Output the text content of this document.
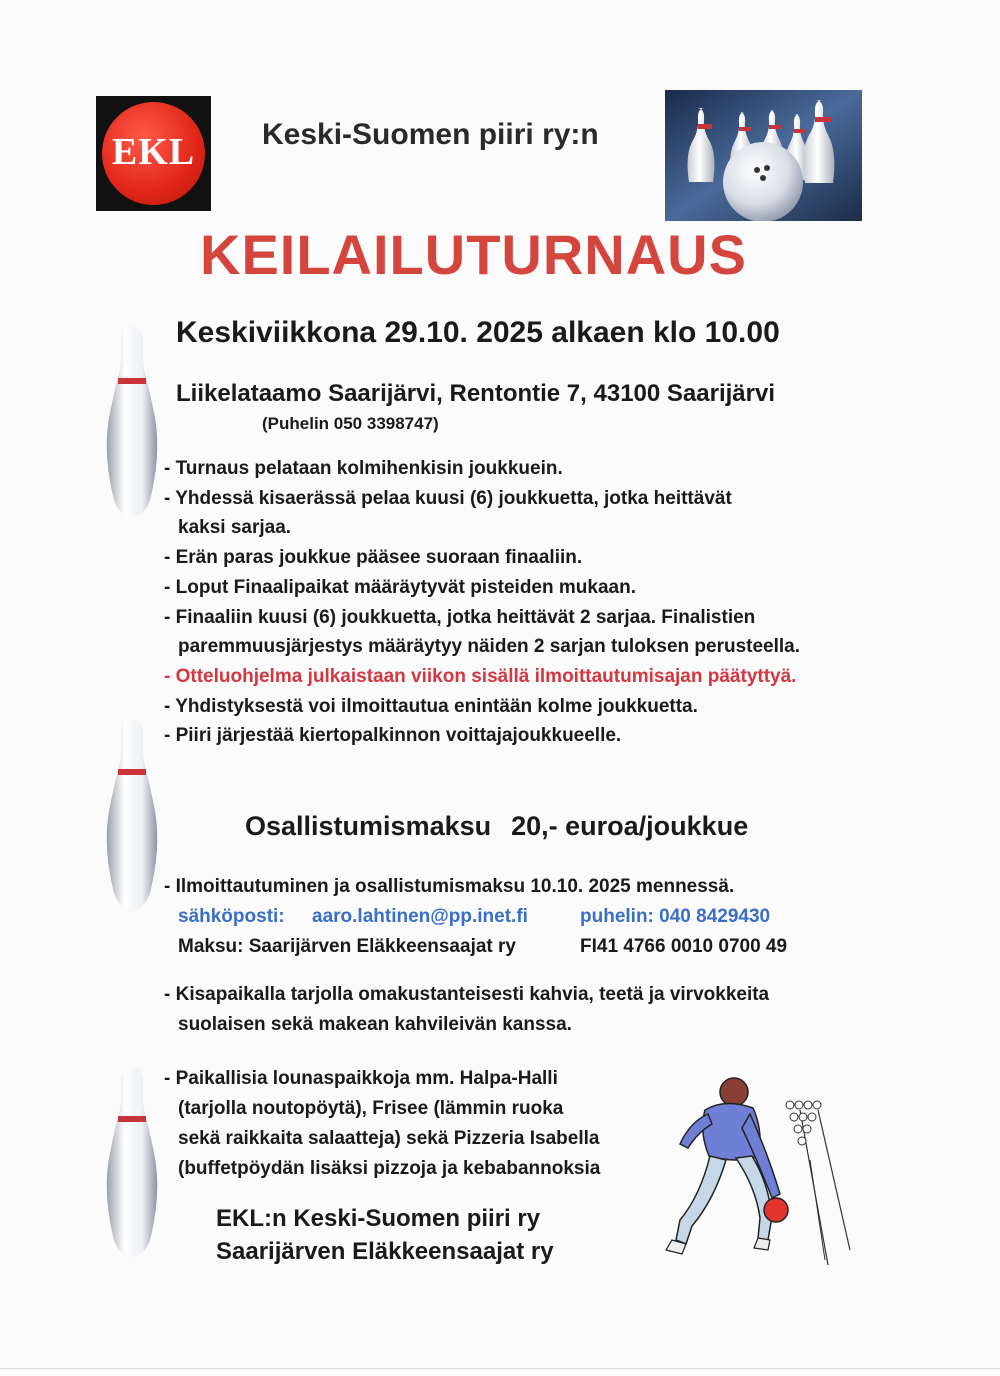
EKL	Keski-Suomen piiri ry:n
KEILAILUTURNAUS
Keskiviikkona 29.10. 2025 alkaen klo 10.00
Liikelataamo Saarijärvi, Rentontie 7, 43100 Saarijärvi
(Puhelin 050 3398747)
- Turnaus pelataan kolmihenkisin joukkuein.
- Yhdessä kisaerässä pelaa kuusi (6) joukkuetta, jotka heittävät
kaksi sarjaa.
- Erän paras joukkue pääsee suoraan finaaliin.
- Loput Finaalipaikat määräytyvät pisteiden mukaan.
- Finaaliin kuusi (6) joukkuetta, jotka heittävät 2 sarjaa. Finalistien
paremmuusjärjestys määräytyy näiden 2 sarjan tuloksen perusteella.
- Otteluohjelma julkaistaan viikon sisällä ilmoittautumisajan päätyttyä.
- Yhdistyksestä voi ilmoittautua enintään kolme joukkuetta.
- Piiri järjestää kiertopalkinnon voittajajoukkueelle.
Osallistumismaksu 20,- euroa/joukkue
- Ilmoittautuminen ja osallistumismaksu 10.10. 2025 mennessä.
sähköposti: aaro.lahtinen@pp.inet.fi	puhelin: 040 8429430
Maksu: Saarijärven Eläkkeensaajat ry	FI41 4766 0010 0700 49
- Kisapaikalla tarjolla omakustanteisesti kahvia, teetä ja virvokkeita
suolaisen sekä makean kahvileivän kanssa.
- Paikallisia lounaspaikkoja mm. Halpa-Halli
(tarjolla noutopöytä), Frisee (lämmin ruoka
sekä raikkaita salaatteja) sekä Pizzeria Isabella
(buffetpöydän lisäksi pizzoja ja kebabannoksia
EKL:n Keski-Suomen piiri ry
Saarijärven Eläkkeensaajat ry
